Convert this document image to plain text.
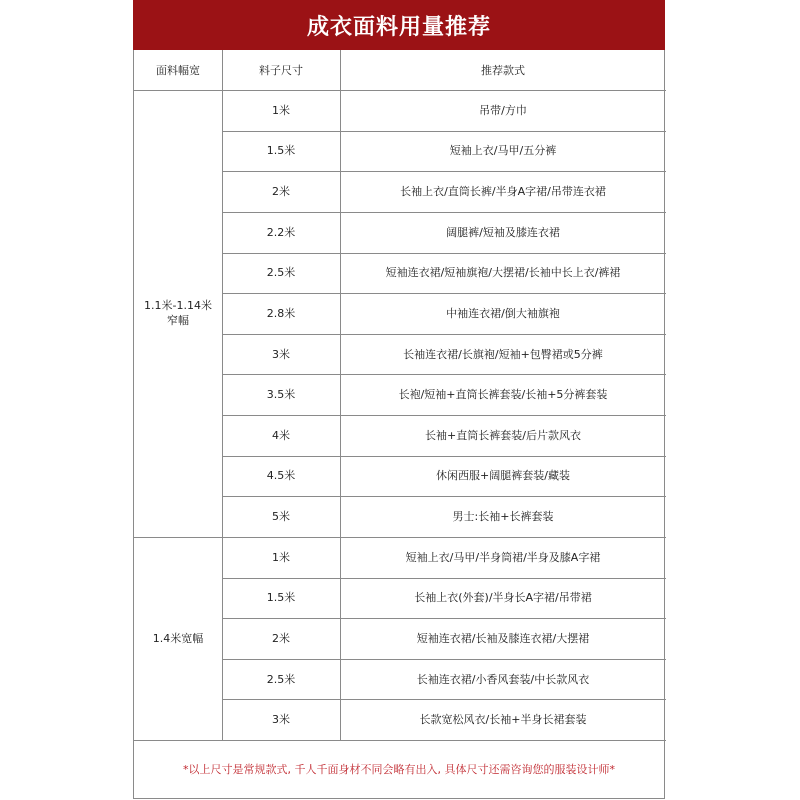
成衣面料用量推荐
面料幅宽	料子尺寸	推荐款式
1.1米-1.14米
窄幅
1米	吊带/方巾
1.5米	短袖上衣/马甲/五分裤
2米	长袖上衣/直筒长裤/半身A字裙/吊带连衣裙
2.2米	阔腿裤/短袖及膝连衣裙
2.5米	短袖连衣裙/短袖旗袍/大摆裙/长袖中长上衣/裤裙
2.8米	中袖连衣裙/倒大袖旗袍
3米	长袖连衣裙/长旗袍/短袖+包臀裙或5分裤
3.5米	长袍/短袖+直筒长裤套装/长袖+5分裤套装
4米	长袖+直筒长裤套装/后片款风衣
4.5米	休闲西服+阔腿裤套装/藏装
5米	男士:长袖+长裤套装
1.4米宽幅
1米	短袖上衣/马甲/半身筒裙/半身及膝A字裙
1.5米	长袖上衣(外套)/半身长A字裙/吊带裙
2米	短袖连衣裙/长袖及膝连衣裙/大摆裙
2.5米	长袖连衣裙/小香风套装/中长款风衣
3米	长款宽松风衣/长袖+半身长裙套装
*以上尺寸是常规款式, 千人千面身材不同会略有出入, 具体尺寸还需咨询您的服装设计师*
